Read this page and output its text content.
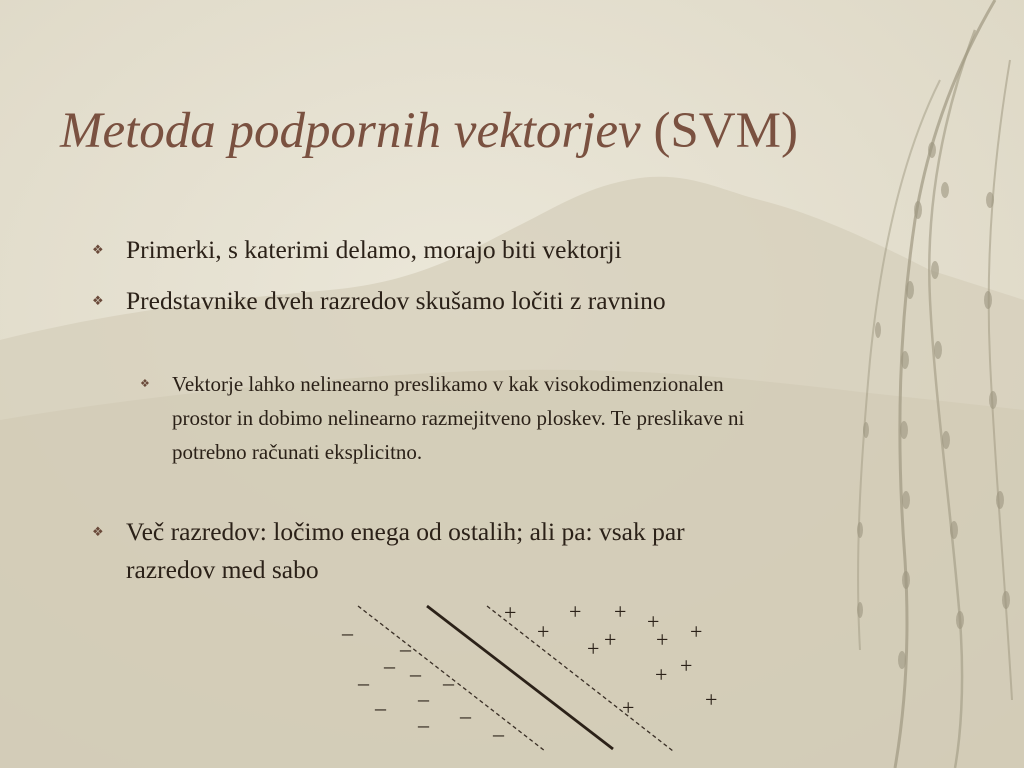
Metoda podpornih vektorjev (SVM)
❖ Primerki, s katerimi delamo, morajo biti vektorji
❖ Predstavnike dveh razredov skušamo ločiti z ravnino
❖ Vektorje lahko nelinearno preslikamo v kak visokodimenzionalen prostor in dobimo nelinearno razmejitveno ploskev. Te preslikave ni potrebno računati eksplicitno.
❖ Več razredov: ločimo enega od ostalih; ali pa: vsak par razredov med sabo
+
+
+ + + +
+ + +
+
+
+
+
–
–
– –
–	–
–
–	–
–	–
